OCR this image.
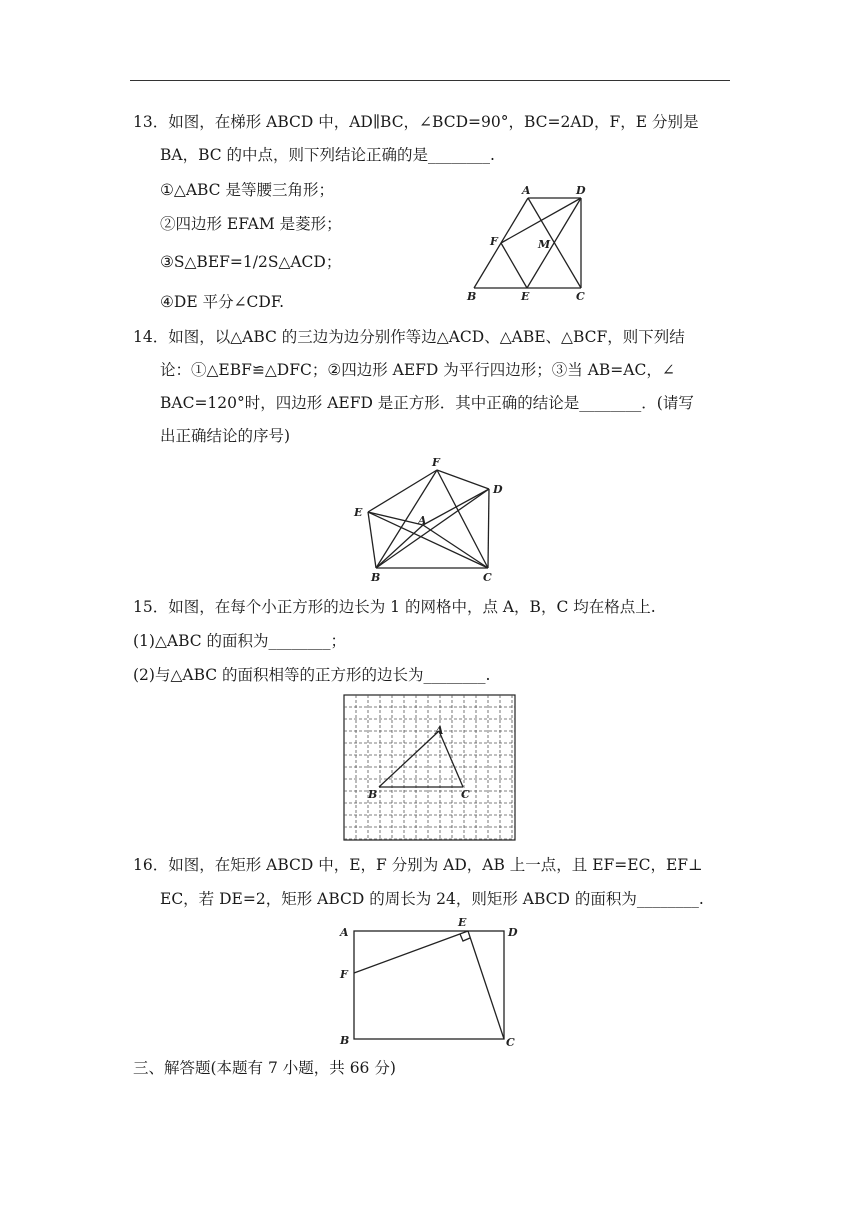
13．如图，在梯形 ABCD 中，AD∥BC，∠BCD=90°，BC=2AD，F，E 分别是
BA，BC 的中点，则下列结论正确的是________.
①△ABC 是等腰三角形；
②四边形 EFAM 是菱形；
③S△BEF=1/2S△ACD；
④DE 平分∠CDF.
A	D
F	M
B	E	C
14．如图，以△ABC 的三边为边分别作等边△ACD、△ABE、△BCF，则下列结
论：①△EBF≌△DFC；②四边形 AEFD 为平行四边形；③当 AB=AC，∠
BAC=120°时，四边形 AEFD 是正方形．其中正确的结论是________．(请写
出正确结论的序号)
F
D
E
A
B	C
15．如图，在每个小正方形的边长为 1 的网格中，点 A，B，C 均在格点上.
(1)△ABC 的面积为________；
(2)与△ABC 的面积相等的正方形的边长为________.
A
B	C
16．如图，在矩形 ABCD 中，E，F 分别为 AD，AB 上一点，且 EF=EC，EF⊥
EC，若 DE=2，矩形 ABCD 的周长为 24，则矩形 ABCD 的面积为________.
A
E
D
F
B	C
三、解答题(本题有 7 小题，共 66 分)
